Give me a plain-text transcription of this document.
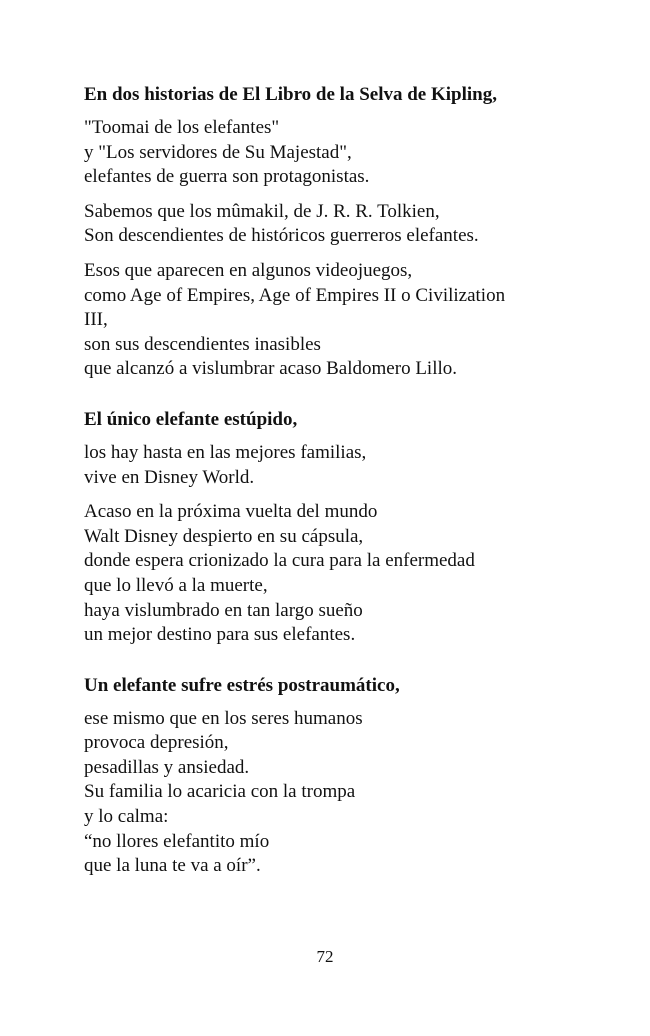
En dos historias de El Libro de la Selva de Kipling,

"Toomai de los elefantes"
y "Los servidores de Su Majestad",
elefantes de guerra son protagonistas.

Sabemos que los mûmakil, de J. R. R. Tolkien,
Son descendientes de históricos guerreros elefantes.

Esos que aparecen en algunos videojuegos,
como Age of Empires, Age of Empires II o Civilization
III,
son sus descendientes inasibles
que alcanzó a vislumbrar acaso Baldomero Lillo.

El único elefante estúpido,

los hay hasta en las mejores familias,
vive en Disney World.

Acaso en la próxima vuelta del mundo
Walt Disney despierto en su cápsula,
donde espera crionizado la cura para la enfermedad
que lo llevó a la muerte,
haya vislumbrado en tan largo sueño
un mejor destino para sus elefantes.

Un elefante sufre estrés postraumático,

ese mismo que en los seres humanos
provoca depresión,
pesadillas y ansiedad.
Su familia lo acaricia con la trompa
y lo calma:
“no llores elefantito mío
que la luna te va a oír”.

72
